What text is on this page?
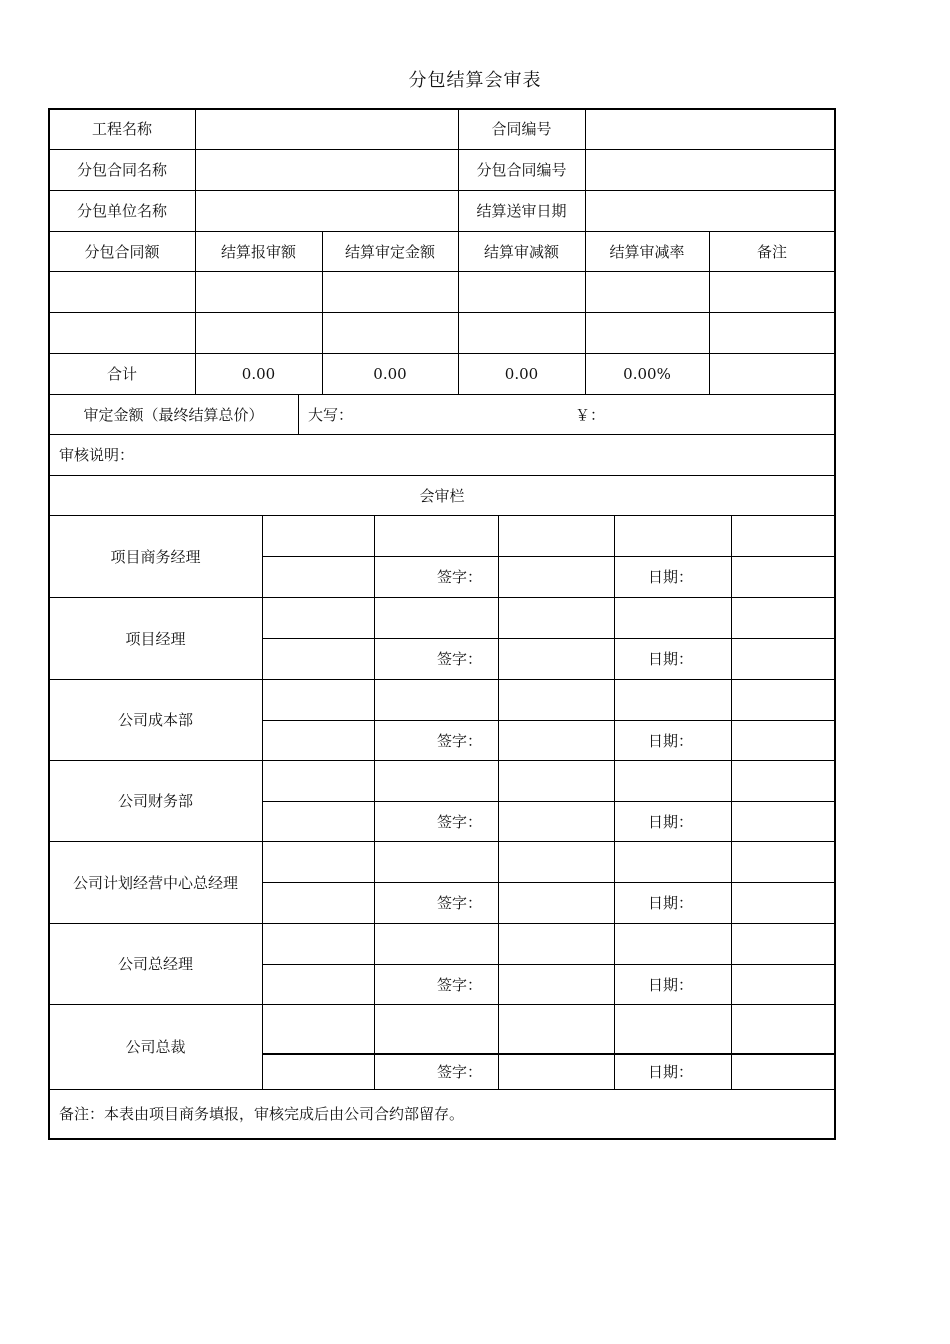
分包结算会审表
工程名称	合同编号
分包合同名称	分包合同编号
分包单位名称	结算送审日期
分包合同额	结算报审额	结算审定金额	结算审减额	结算审减率	备注
合计	0.00	0.00	0.00	0.00%
审定金额（最终结算总价）	大写：	￥：
审核说明：
会审栏
项目商务经理
签字：	日期：
项目经理
签字：	日期：
公司成本部
签字：	日期：
公司财务部
签字：	日期：
公司计划经营中心总经理
签字：	日期：
公司总经理
签字：	日期：
公司总裁
签字：	日期：
备注：本表由项目商务填报，审核完成后由公司合约部留存。
